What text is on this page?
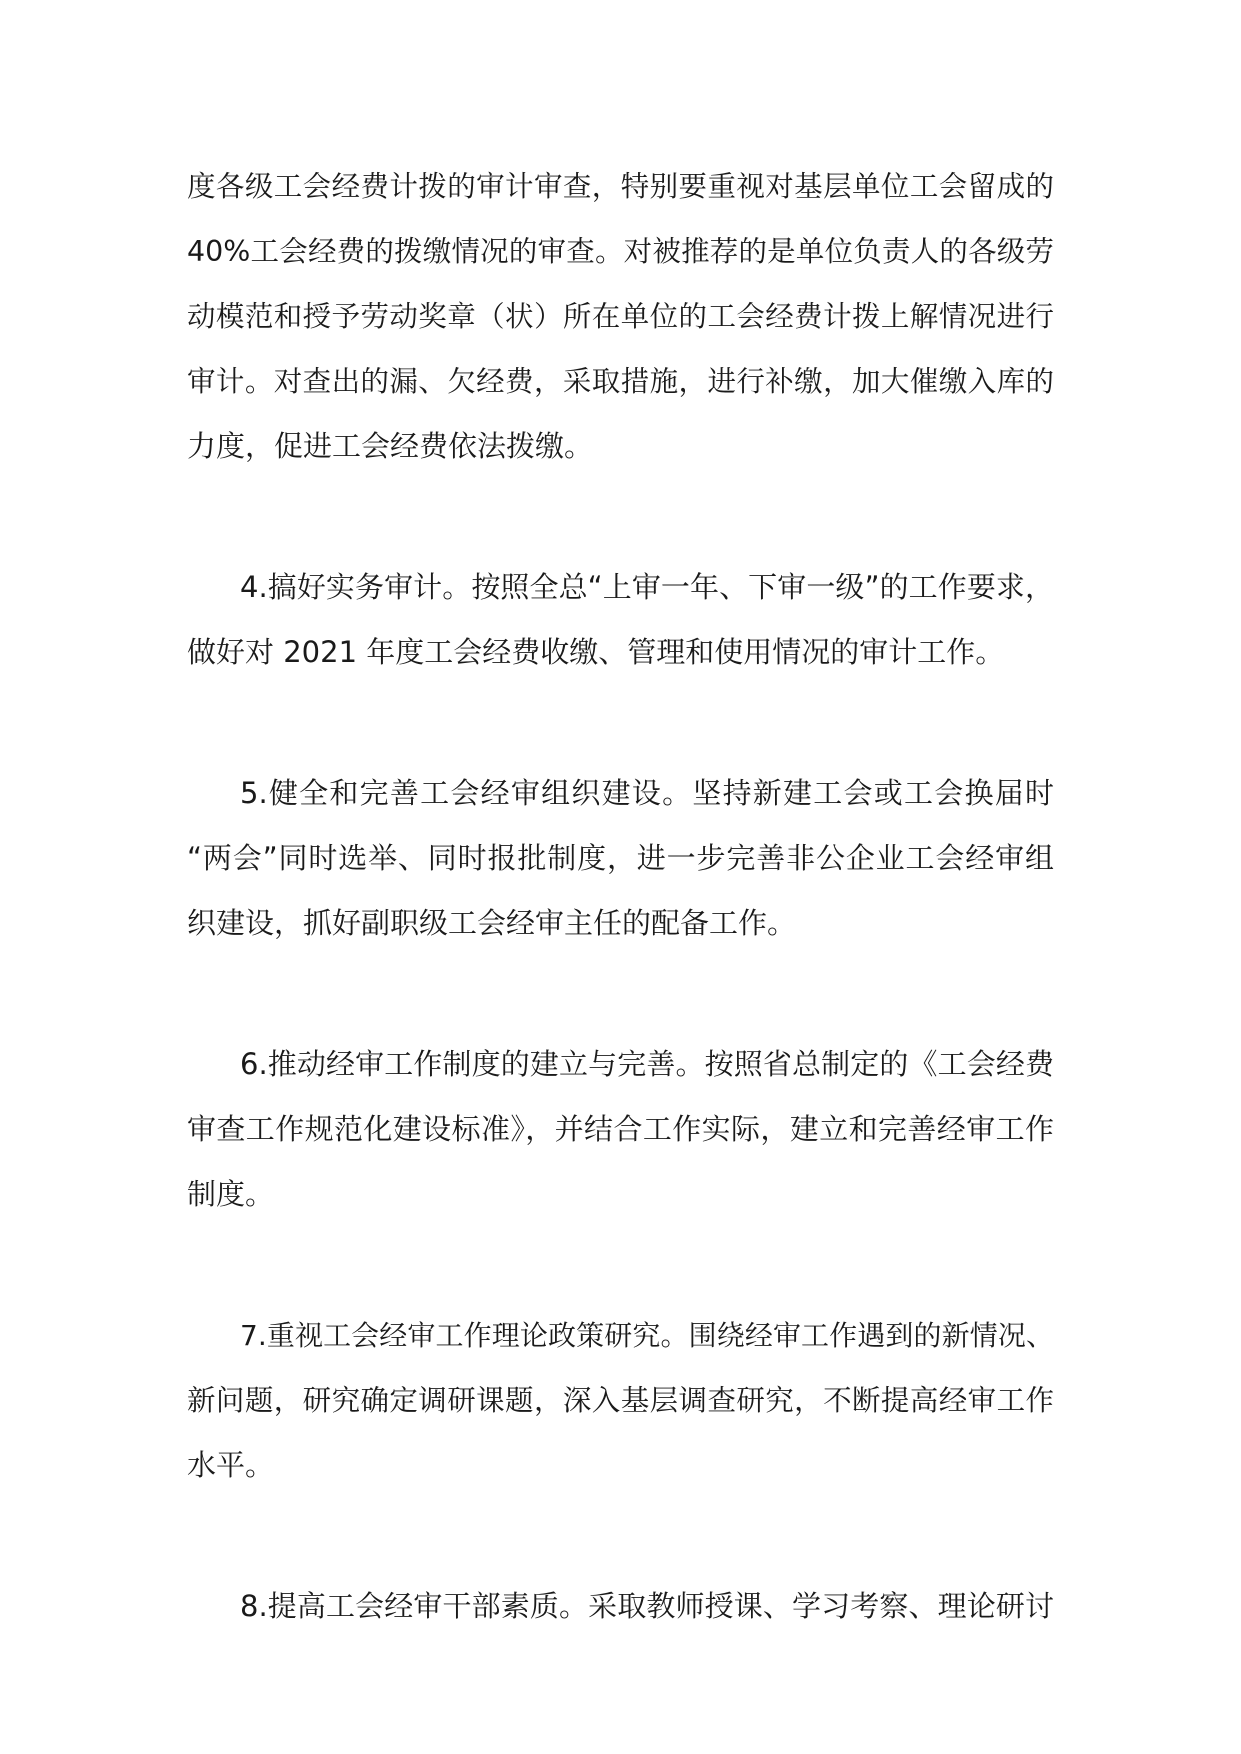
度各级工会经费计拨的审计审查，特别要重视对基层单位工会留成的
40%工会经费的拨缴情况的审查。对被推荐的是单位负责人的各级劳
动模范和授予劳动奖章（状）所在单位的工会经费计拨上解情况进行
审计。对查出的漏、欠经费，采取措施，进行补缴，加大催缴入库的
力度，促进工会经费依法拨缴。
4.搞好实务审计。按照全总“上审一年、下审一级”的工作要求，
做好对 2021 年度工会经费收缴、管理和使用情况的审计工作。
5.健全和完善工会经审组织建设。坚持新建工会或工会换届时
“两会”同时选举、同时报批制度，进一步完善非公企业工会经审组
织建设，抓好副职级工会经审主任的配备工作。
6.推动经审工作制度的建立与完善。按照省总制定的《工会经费
审查工作规范化建设标准》，并结合工作实际，建立和完善经审工作
制度。
7.重视工会经审工作理论政策研究。围绕经审工作遇到的新情况、
新问题，研究确定调研课题，深入基层调查研究，不断提高经审工作
水平。
8.提高工会经审干部素质。采取教师授课、学习考察、理论研讨
